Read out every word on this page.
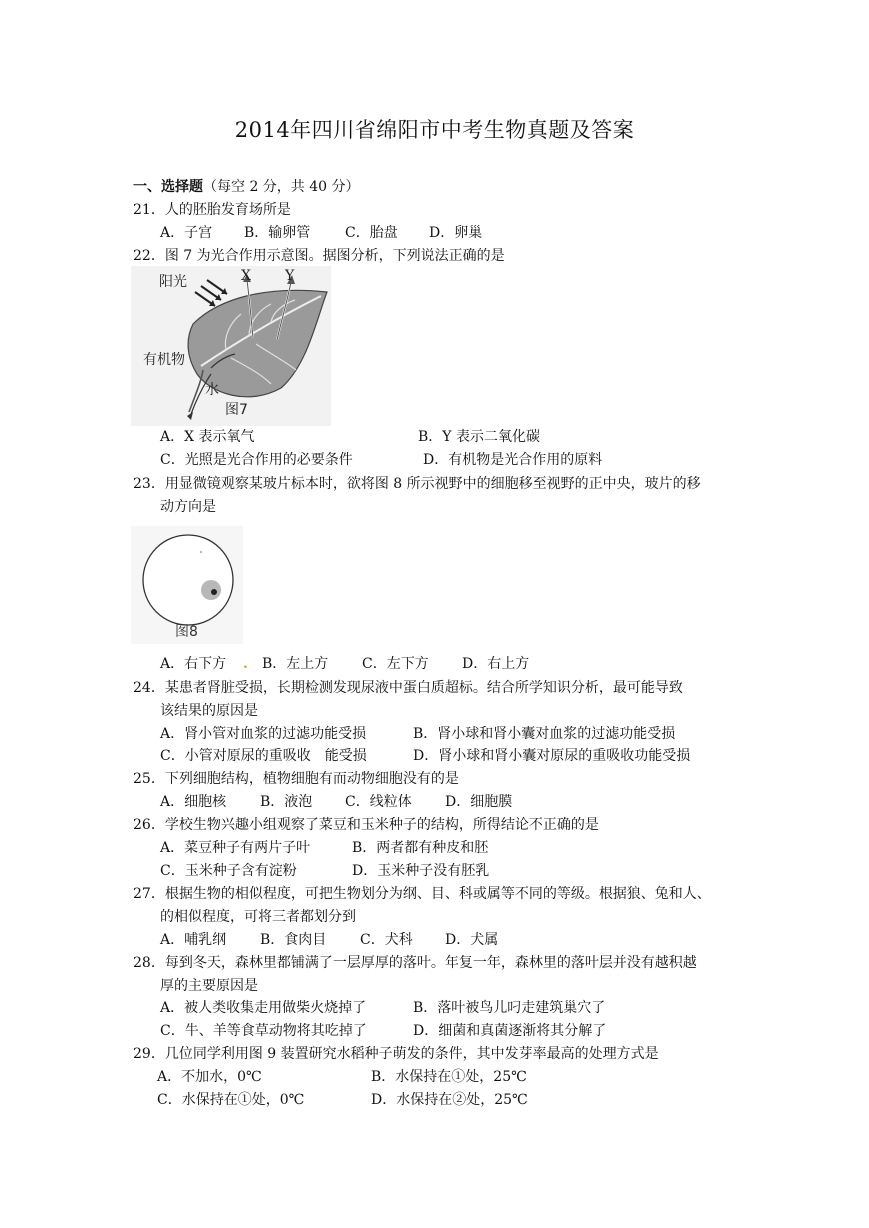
2014年四川省绵阳市中考生物真题及答案
一、选择题（每空 2 分，共 40 分）
21．人的胚胎发育场所是
A．子宫 B．输卵管 C．胎盘 D．卵巢
22．图 7 为光合作用示意图。据图分析，下列说法正确的是
X Y
阳光
有机物
水
图7
A．X 表示氧气	B．Y 表示二氧化碳
C．光照是光合作用的必要条件	D．有机物是光合作用的原料
23．用显微镜观察某玻片标本时，欲将图 8 所示视野中的细胞移至视野的正中央，玻片的移
动方向是
图8
A．右下方 . B．左上方 C．左下方 D．右上方
24．某患者肾脏受损，长期检测发现尿液中蛋白质超标。结合所学知识分析，最可能导致
该结果的原因是
A．肾小管对血浆的过滤功能受损	B．肾小球和肾小囊对血浆的过滤功能受损
C．小管对原尿的重吸收　能受损	D．肾小球和肾小囊对原尿的重吸收功能受损
25．下列细胞结构，植物细胞有而动物细胞没有的是
A．细胞核 B．液泡 C．线粒体 D．细胞膜
26．学校生物兴趣小组观察了菜豆和玉米种子的结构，所得结论不正确的是
A．菜豆种子有两片子叶	B．两者都有种皮和胚
C．玉米种子含有淀粉	D．玉米种子没有胚乳
27．根据生物的相似程度，可把生物划分为纲、目、科或属等不同的等级。根据狼、兔和人、
的相似程度，可将三者都划分到
A．哺乳纲 B．食肉目 C．犬科 D．犬属
28．每到冬天，森林里都铺满了一层厚厚的落叶。年复一年，森林里的落叶层并没有越积越
厚的主要原因是
A．被人类收集走用做柴火烧掉了	B．落叶被鸟儿叼走建筑巢穴了
C．牛、羊等食草动物将其吃掉了	D．细菌和真菌逐渐将其分解了
29．几位同学利用图 9 装置研究水稻种子萌发的条件，其中发芽率最高的处理方式是
A．不加水，0℃	B．水保持在①处，25℃
C．水保持在①处，0℃	D．水保持在②处，25℃
